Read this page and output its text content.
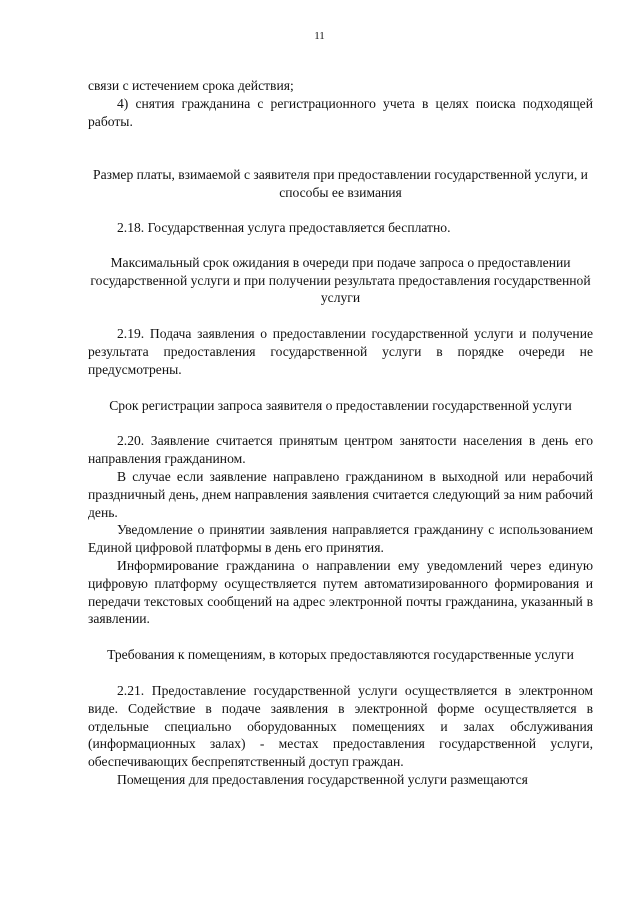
11

связи с истечением срока действия;

4) снятия гражданина с регистрационного учета в целях поиска подходящей работы.

Размер платы, взимаемой с заявителя при предоставлении государственной услуги, и способы ее взимания

2.18. Государственная услуга предоставляется бесплатно.

Максимальный срок ожидания в очереди при подаче запроса о предоставлении государственной услуги и при получении результата предоставления государственной услуги

2.19. Подача заявления о предоставлении государственной услуги и получение результата предоставления государственной услуги в порядке очереди не предусмотрены.

Срок регистрации запроса заявителя о предоставлении государственной услуги

2.20. Заявление считается принятым центром занятости населения в день его направления гражданином.

В случае если заявление направлено гражданином в выходной или нерабочий праздничный день, днем направления заявления считается следующий за ним рабочий день.

Уведомление о принятии заявления направляется гражданину с использованием Единой цифровой платформы в день его принятия.

Информирование гражданина о направлении ему уведомлений через единую цифровую платформу осуществляется путем автоматизированного формирования и передачи текстовых сообщений на адрес электронной почты гражданина, указанный в заявлении.

Требования к помещениям, в которых предоставляются государственные услуги

2.21. Предоставление государственной услуги осуществляется в электронном виде. Содействие в подаче заявления в электронной форме осуществляется в отдельные специально оборудованных помещениях и залах обслуживания (информационных залах) - местах предоставления государственной услуги, обеспечивающих беспрепятственный доступ граждан.

Помещения для предоставления государственной услуги размещаются
